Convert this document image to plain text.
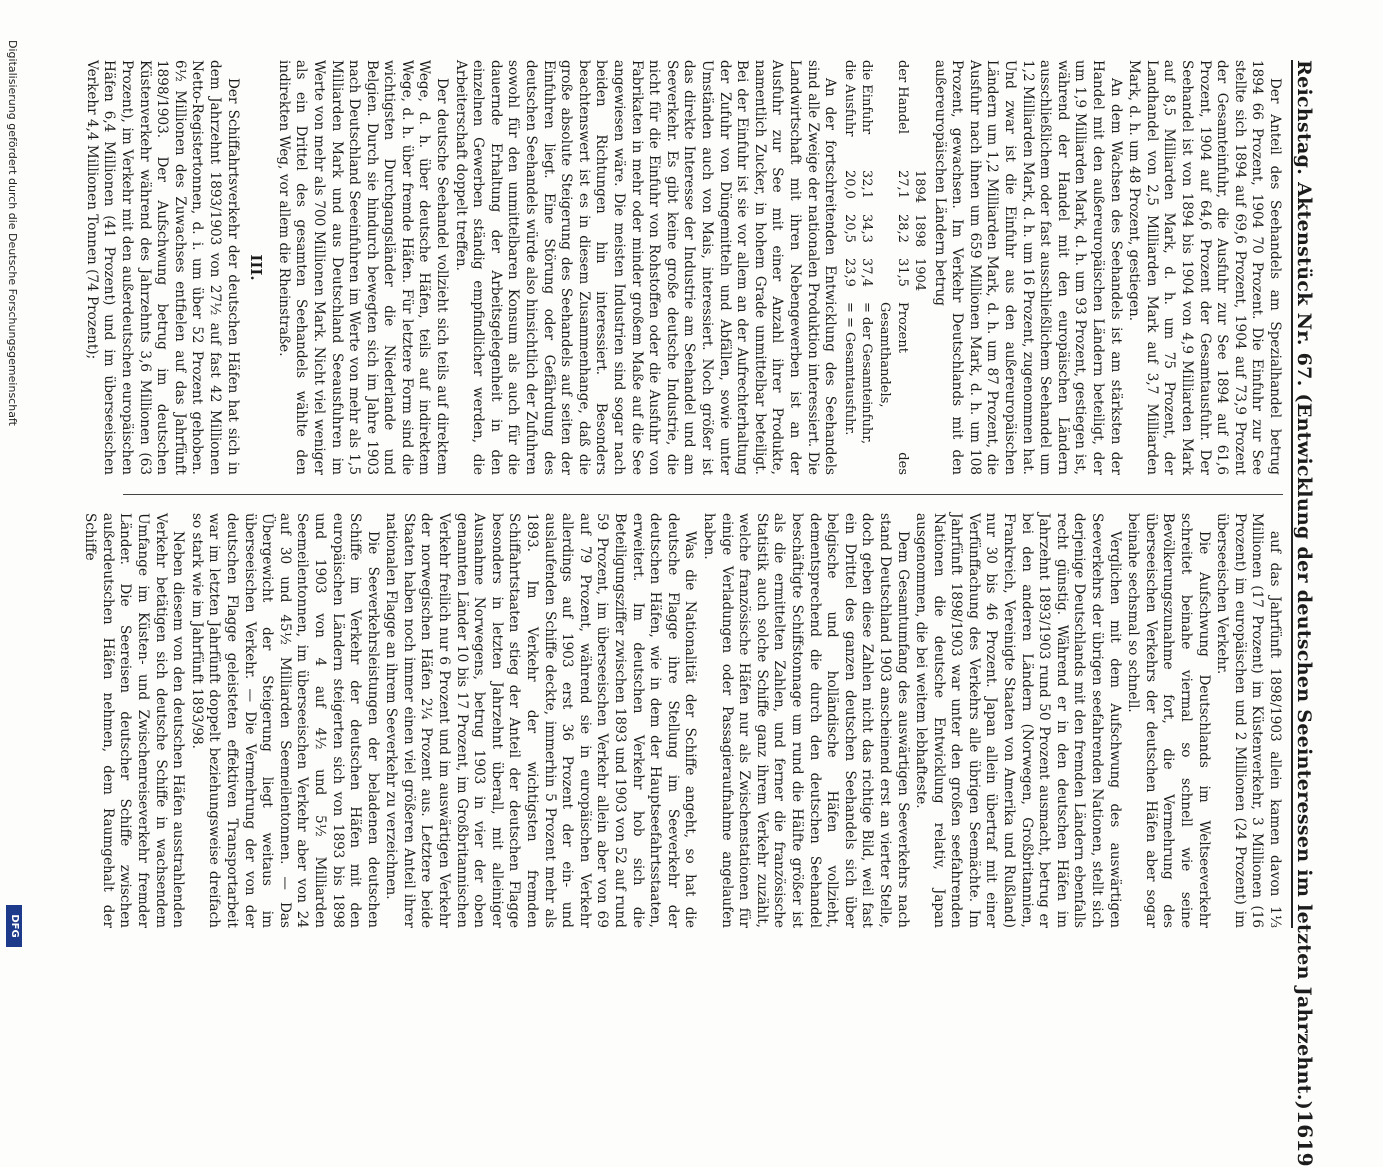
Reichstag. Aktenstück Nr. 67. (Entwicklung der deutschen Seeinteressen im letzten Jahrzehnt.)
1619

Der Anteil des Seehandels am Spezialhandel betrug 1894 66 Prozent, 1904 70 Prozent. Die Einfuhr zur See stellte sich 1894 auf 69,6 Prozent, 1904 auf 73,9 Prozent der Gesamteinfuhr, die Ausfuhr zur See 1894 auf 61,6 Prozent, 1904 auf 64,6 Prozent der Gesamtausfuhr. Der Seehandel ist von 1894 bis 1904 von 4,9 Milliarden Mark auf 8,5 Milliarden Mark, d. h. um 75 Prozent, der Landhandel von 2,5 Milliarden Mark auf 3,7 Milliarden Mark, d. h. um 48 Prozent, gestiegen.

An dem Wachsen des Seehandels ist am stärksten der Handel mit den außereuropäischen Ländern beteiligt, der um 1,9 Milliarden Mark, d. h. um 93 Prozent, gestiegen ist, während der Handel mit den europäischen Ländern ausschließlichem oder fast ausschließlichem Seehandel um 1,2 Milliarden Mark, d. h. um 16 Prozent, zugenommen hat. Und zwar ist die Einfuhr aus den außereuropäischen Ländern um 1,2 Milliarden Mark, d. h. um 87 Prozent, die Ausfuhr nach ihnen um 659 Millionen Mark, d. h. um 108 Prozent, gewachsen. Im Verkehr Deutschlands mit den außereuropäischen Ländern betrug

1894
1898
1904
der Handel
27,1
28,2
31,5
Prozent des Gesamthandels,
die Einfuhr
32,1
34,3
37,4
= der Gesamteinfuhr,
die Ausfuhr
20,0
20,5
23,9
= = Gesamtausfuhr.

An der fortschreitenden Entwicklung des Seehandels sind alle Zweige der nationalen Produktion interessiert. Die Landwirtschaft mit ihren Nebengewerben ist an der Ausfuhr zur See mit einer Anzahl ihrer Produkte, namentlich Zucker, in hohem Grade unmittelbar beteiligt. Bei der Einfuhr ist sie vor allem an der Aufrechterhaltung der Zufuhr von Düngemitteln und Abfällen, sowie unter Umständen auch von Mais, interessiert. Noch größer ist das direkte Interesse der Industrie am Seehandel und am Seeverkehr. Es gibt keine große deutsche Industrie, die nicht für die Einfuhr von Rohstoffen oder die Ausfuhr von Fabrikaten in mehr oder minder großem Maße auf die See angewiesen wäre. Die meisten Industrien sind sogar nach beiden Richtungen hin interessiert. Besonders beachtenswert ist es in diesem Zusammenhange, daß die große absolute Steigerung des Seehandels auf seiten der Einfuhren liegt. Eine Störung oder Gefährdung des deutschen Seehandels würde also hinsichtlich der Zufuhren sowohl für den unmittelbaren Konsum als auch für die dauernde Erhaltung der Arbeitsgelegenheit in den einzelnen Gewerben ständig empfindlicher werden, die Arbeiterschaft doppelt treffen.

Der deutsche Seehandel vollzieht sich teils auf direktem Wege, d. h. über deutsche Häfen, teils auf indirektem Wege, d. h. über fremde Häfen. Für letztere Form sind die wichtigsten Durchgangsländer die Niederlande und Belgien. Durch sie hindurch bewegten sich im Jahre 1903 nach Deutschland Seeeinfuhren im Werte von mehr als 1,5 Milliarden Mark und aus Deutschland Seeausfuhren im Werte von mehr als 700 Millionen Mark. Nicht viel weniger als ein Drittel des gesamten Seehandels wählte den indirekten Weg, vor allem die Rheinstraße.

III.

Der Schiffahrtsverkehr der deutschen Häfen hat sich in dem Jahrzehnt 1893/1903 von 27½ auf fast 42 Millionen Netto-Registertonnen, d. i. um über 52 Prozent gehoben. 6½ Millionen des Zuwachses entfielen auf das Jahrfünft 1898/1903. Der Aufschwung betrug im deutschen Küstenverkehr während des Jahrzehnts 3,6 Millionen (63 Prozent), im Verkehr mit den außerdeutschen europäischen Häfen 6,4 Millionen (41 Prozent) und im überseeischen Verkehr 4,4 Millionen Tonnen (74 Prozent);

auf das Jahrfünft 1898/1903 allein kamen davon 1⅓ Millionen (17 Prozent) im Küstenverkehr, 3 Millionen (16 Prozent) im europäischen und 2 Millionen (24 Prozent) im überseeischen Verkehr.

Die Aufschwung Deutschlands im Weltseeverkehr schreitet beinahe viermal so schnell wie seine Bevölkerungszunahme fort, die Vermehrung des überseeischen Verkehrs der deutschen Häfen aber sogar beinahe sechsmal so schnell.

Verglichen mit dem Aufschwung des auswärtigen Seeverkehrs der übrigen seefahrenden Nationen, stellt sich derjenige Deutschlands mit den fremden Ländern ebenfalls recht günstig. Während er in den deutschen Häfen im Jahrzehnt 1893/1903 rund 50 Prozent ausmacht, betrug er bei den anderen Ländern (Norwegen, Großbritannien, Frankreich, Vereinigte Staaten von Amerika und Rußland) nur 30 bis 46 Prozent. Japan allein übertraf mit einer Verfünffachung des Verkehrs alle übrigen Seemächte. Im Jahrfünft 1898/1903 war unter den großen seefahrenden Nationen die deutsche Entwicklung relativ, Japan ausgenommen, die bei weitem lebhafteste.

Dem Gesamtumfang des auswärtigen Seeverkehrs nach stand Deutschland 1903 anscheinend erst an vierter Stelle, doch geben diese Zahlen nicht das richtige Bild, weil fast ein Drittel des ganzen deutschen Seehandels sich über belgische und holländische Häfen vollzieht, dementsprechend die durch den deutschen Seehandel beschäftigte Schiffstonnage um rund die Hälfte größer ist als die ermittelten Zahlen, und ferner die französische Statistik auch solche Schiffe ganz ihrem Verkehr zuzählt, welche französische Häfen nur als Zwischenstationen für einige Verladungen oder Passagieraufnahme angelaufen haben.

Was die Nationalität der Schiffe angeht, so hat die deutsche Flagge ihre Stellung im Seeverkehr der deutschen Häfen, wie in dem der Hauptseefahrtsstaaten, erweitert. Im deutschen Verkehr hob sich die Beteiligungsziffer zwischen 1893 und 1903 von 52 auf rund 59 Prozent, im überseeischen Verkehr allein aber von 69 auf 79 Prozent, während sie in europäischen Verkehr allerdings auf 1903 erst 36 Prozent der ein- und auslaufenden Schiffe deckte, immerhin 5 Prozent mehr als 1893. Im Verkehr der wichtigsten fremden Schiffahrtstaaten stieg der Anteil der deutschen Flagge besonders in letzten Jahrzehnt überall, mit alleiniger Ausnahme Norwegens, betrug 1903 in vier der oben genannten Länder 10 bis 17 Prozent, im Großbritannischen Verkehr freilich nur 6 Prozent und im auswärtigen Verkehr der norwegischen Häfen 2¼ Prozent aus. Letztere beide Staaten haben noch immer einen viel größeren Anteil ihrer nationalen Flagge an ihrem Seeverkehr zu verzeichnen.

Die Seeverkehrsleistungen der beladenen deutschen Schiffe im Verkehr der deutschen Häfen mit den europäischen Ländern steigerten sich von 1893 bis 1898 und 1903 von 4 auf 4½ und 5½ Milliarden Seemeilentonnen, im überseeischen Verkehr aber von 24 auf 30 und 45½ Milliarden Seemeilentonnen. — Das Übergewicht der Steigerung liegt weitaus im überseeischen Verkehr. — Die Vermehrung der von der deutschen Flagge geleisteten effektiven Transportarbeit war im letzten Jahrfünft doppelt beziehungsweise dreifach so stark wie im Jahrfünft 1893/98.

Neben diesem von den deutschen Häfen ausstrahlenden Verkehr betätigen sich deutsche Schiffe in wachsendem Umfange im Küsten- und Zwischenreiseverkehr fremder Länder. Die Seereisen deutscher Schiffe zwischen außerdeutschen Häfen nehmen, dem Raumgehalt der Schiffe

Digitalisierung gefördert durch die Deutsche Forschungsgemeinschaft
DFG
